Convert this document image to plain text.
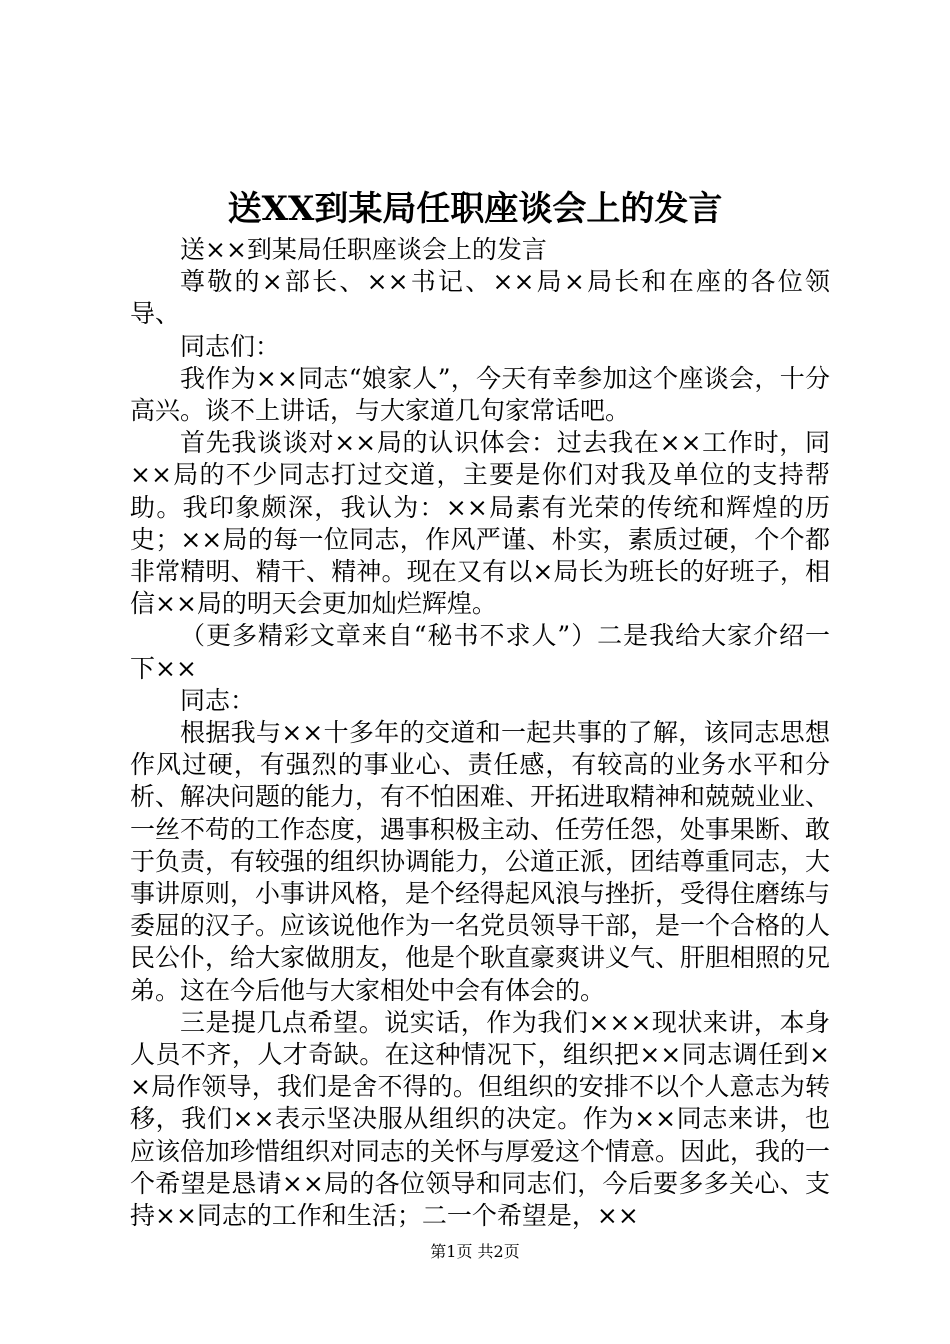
送XX到某局任职座谈会上的发言

送××到某局任职座谈会上的发言

尊敬的×部长、××书记、××局×局长和在座的各位领导、

同志们：

我作为××同志“娘家人”，今天有幸参加这个座谈会，十分高兴。谈不上讲话，与大家道几句家常话吧。

首先我谈谈对××局的认识体会：过去我在××工作时，同××局的不少同志打过交道，主要是你们对我及单位的支持帮助。我印象颇深，我认为：××局素有光荣的传统和辉煌的历史；××局的每一位同志，作风严谨、朴实，素质过硬，个个都非常精明、精干、精神。现在又有以×局长为班长的好班子，相信××局的明天会更加灿烂辉煌。

（更多精彩文章来自“秘书不求人”）二是我给大家介绍一下××

同志：

根据我与××十多年的交道和一起共事的了解，该同志思想作风过硬，有强烈的事业心、责任感，有较高的业务水平和分析、解决问题的能力，有不怕困难、开拓进取精神和兢兢业业、一丝不苟的工作态度，遇事积极主动、任劳任怨，处事果断、敢于负责，有较强的组织协调能力，公道正派，团结尊重同志，大事讲原则，小事讲风格，是个经得起风浪与挫折，受得住磨练与委屈的汉子。应该说他作为一名党员领导干部，是一个合格的人民公仆，给大家做朋友，他是个耿直豪爽讲义气、肝胆相照的兄弟。这在今后他与大家相处中会有体会的。

三是提几点希望。说实话，作为我们×××现状来讲，本身人员不齐，人才奇缺。在这种情况下，组织把××同志调任到××局作领导，我们是舍不得的。但组织的安排不以个人意志为转移，我们××表示坚决服从组织的决定。作为××同志来讲，也应该倍加珍惜组织对同志的关怀与厚爱这个情意。因此，我的一个希望是恳请××局的各位领导和同志们，今后要多多关心、支持××同志的工作和生活；二一个希望是，××

第1页 共2页
